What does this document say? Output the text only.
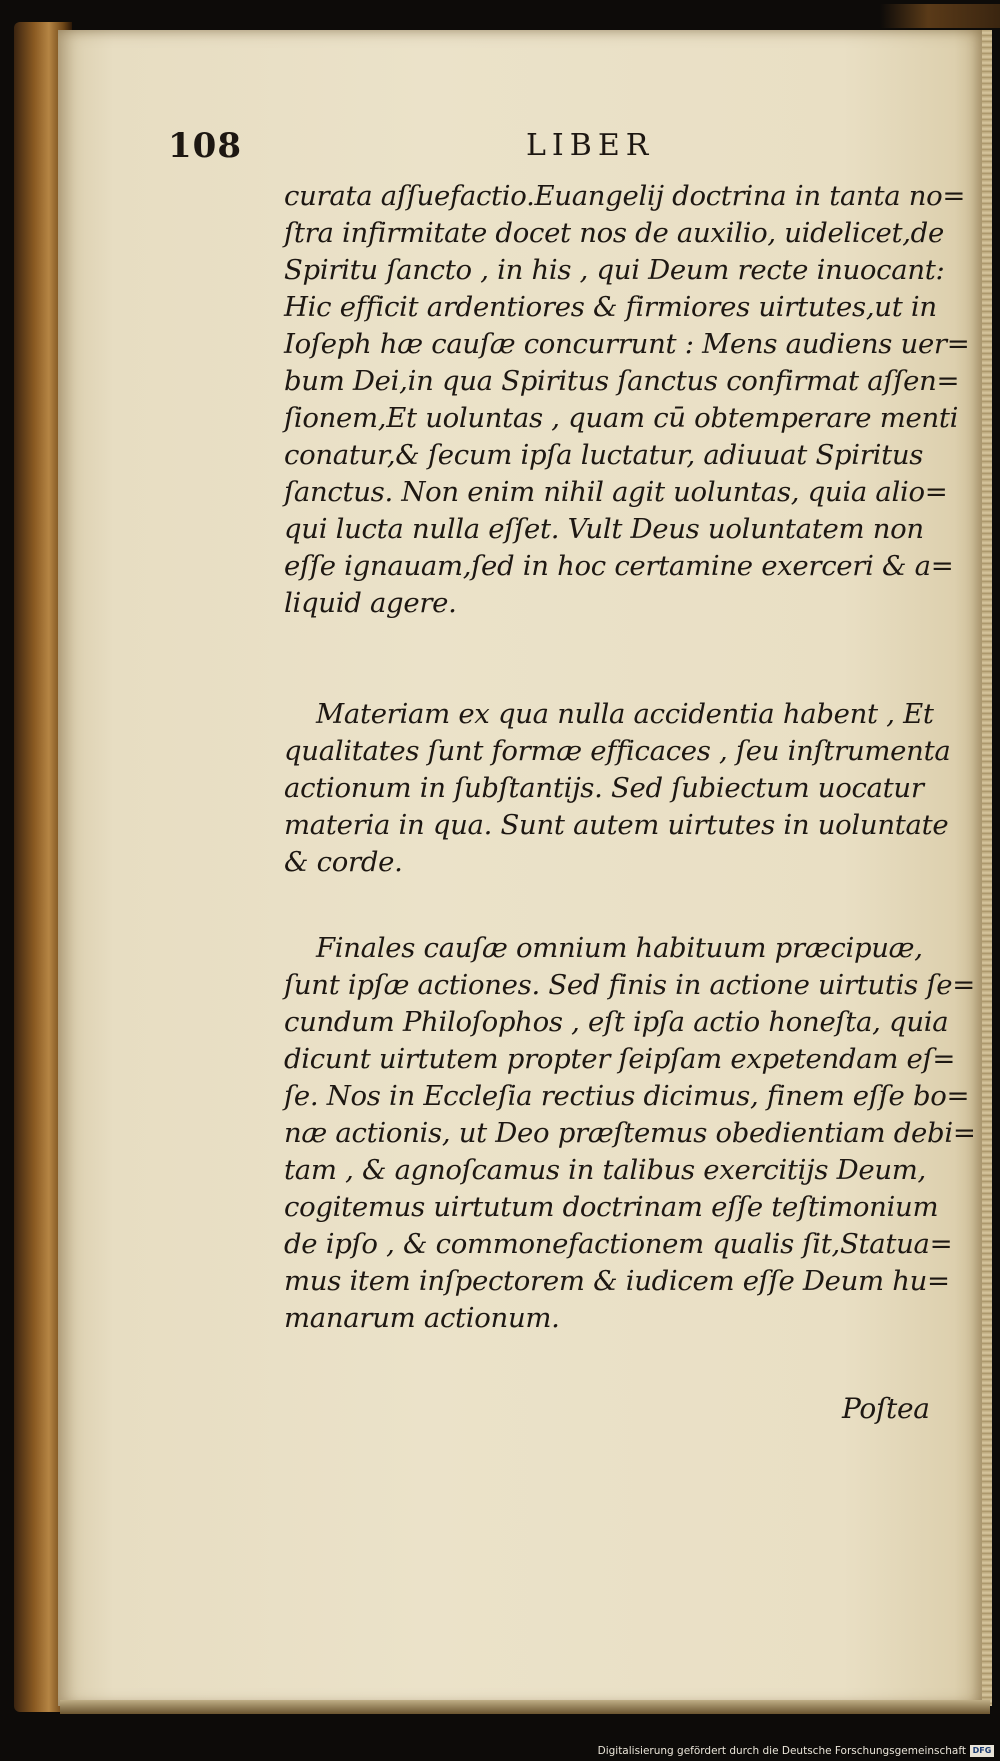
108	LIBER
curata aſſuefactio.Euangelij doctrina in tanta no=
ſtra infirmitate docet nos de auxilio, uidelicet,de
Spiritu ſancto , in his , qui Deum recte inuocant:
Hic efficit ardentiores & firmiores uirtutes,ut in
Ioſeph hæ cauſæ concurrunt : Mens audiens uer=
bum Dei,in qua Spiritus ſanctus confirmat aſſen=
ſionem,Et uoluntas , quam cū obtemperare menti
conatur,& ſecum ipſa luctatur, adiuuat Spiritus
ſanctus. Non enim nihil agit uoluntas, quia alio=
qui lucta nulla eſſet. Vult Deus uoluntatem non
eſſe ignauam,ſed in hoc certamine exerceri & a=
liquid agere.
Materiam ex qua nulla accidentia habent , Et
qualitates ſunt formæ efficaces , ſeu inſtrumenta
actionum in ſubſtantijs. Sed ſubiectum uocatur
materia in qua. Sunt autem uirtutes in uoluntate
& corde.
Finales cauſæ omnium habituum præcipuæ,
ſunt ipſæ actiones. Sed finis in actione uirtutis ſe=
cundum Philoſophos , eſt ipſa actio honeſta, quia
dicunt uirtutem propter ſeipſam expetendam eſ=
ſe. Nos in Eccleſia rectius dicimus, finem eſſe bo=
næ actionis, ut Deo præſtemus obedientiam debi=
tam , & agnoſcamus in talibus exercitijs Deum,
cogitemus uirtutum doctrinam eſſe teſtimonium
de ipſo , & commonefactionem qualis ſit,Statua=
mus item inſpectorem & iudicem eſſe Deum hu=
manarum actionum.
Poſtea
Digitalisierung gefördert durch die Deutsche Forschungsgemeinschaft DFG
